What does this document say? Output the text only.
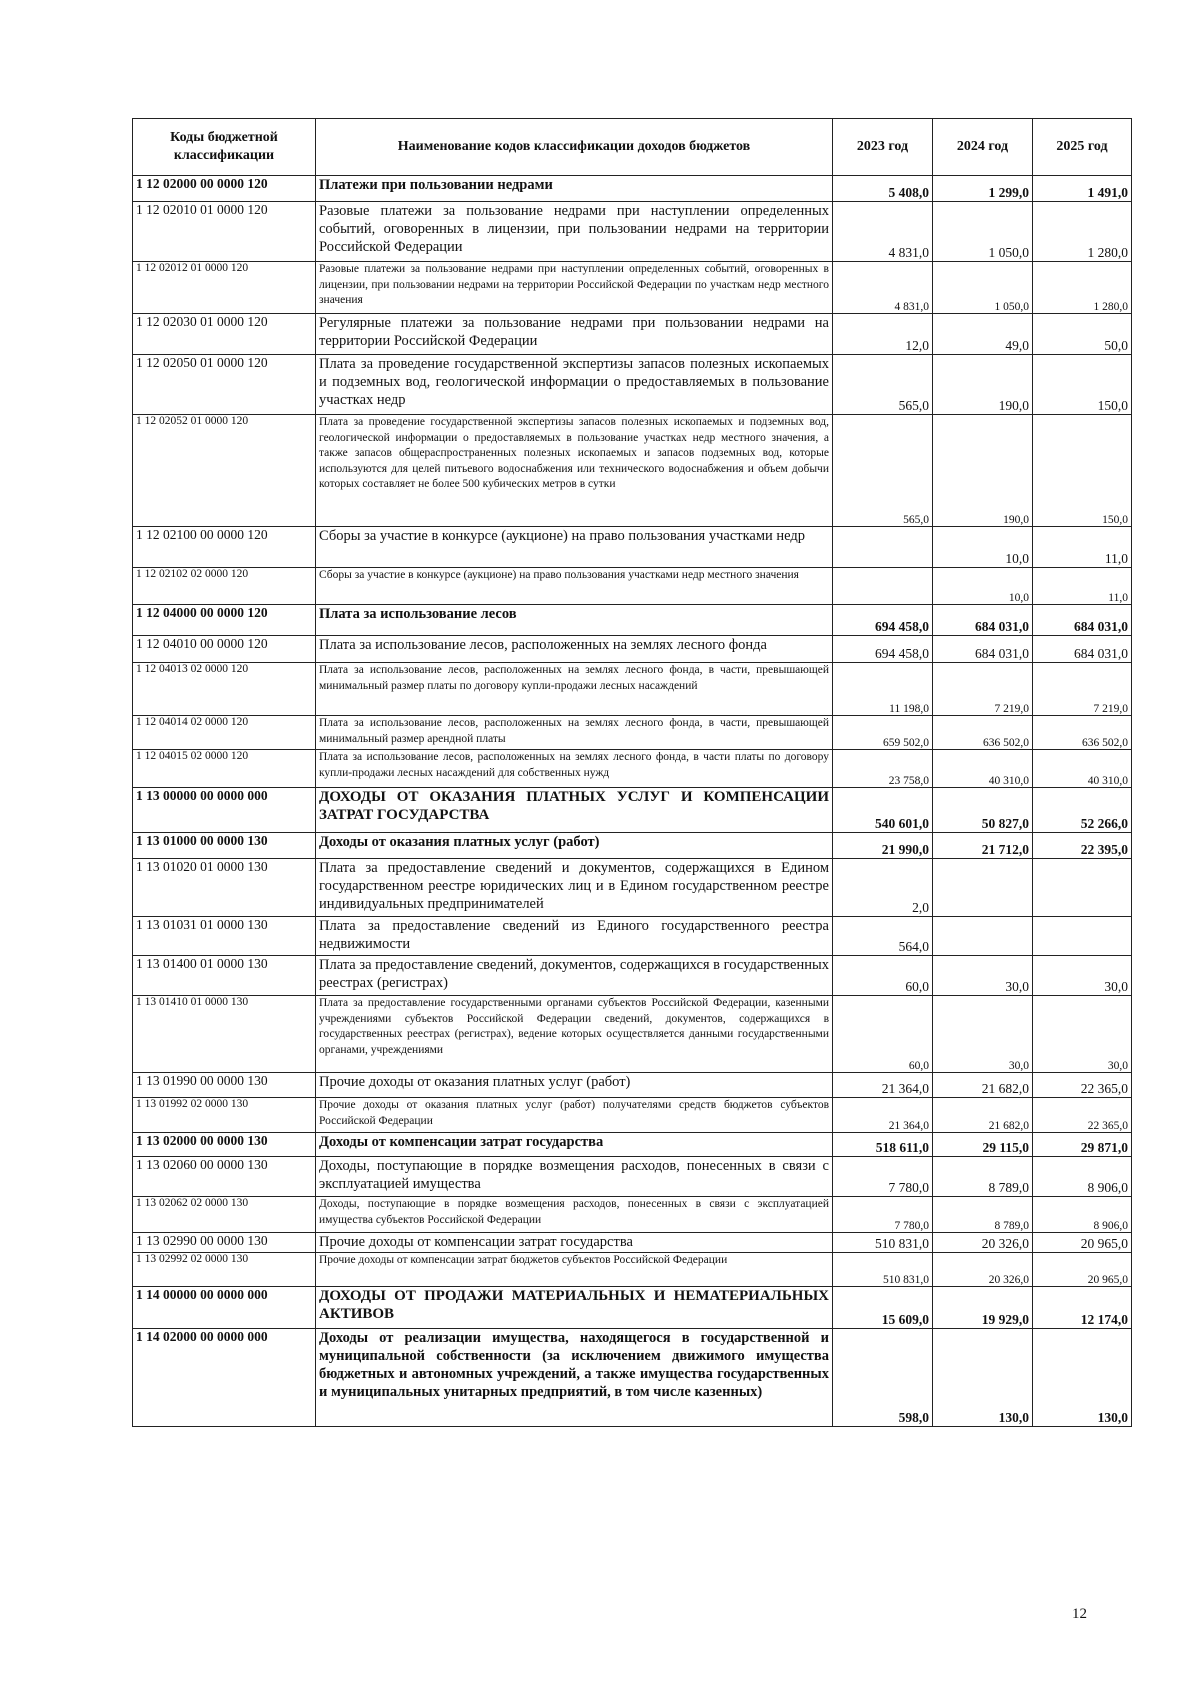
Коды бюджетной классификации	Наименование кодов классификации доходов бюджетов	2023 год	2024 год	2025 год
1 12 02000 00 0000 120	Платежи при пользовании недрами	5 408,0	1 299,0	1 491,0
1 12 02010 01 0000 120	Разовые платежи за пользование недрами при наступлении определенных событий, оговоренных в лицензии, при пользовании недрами на территории Российской Федерации	4 831,0	1 050,0	1 280,0
1 12 02012 01 0000 120	Разовые платежи за пользование недрами при наступлении определенных событий, оговоренных в лицензии, при пользовании недрами на территории Российской Федерации по участкам недр местного значения	4 831,0	1 050,0	1 280,0
1 12 02030 01 0000 120	Регулярные платежи за пользование недрами при пользовании недрами на территории Российской Федерации	12,0	49,0	50,0
1 12 02050 01 0000 120	Плата за проведение государственной экспертизы запасов полезных ископаемых и подземных вод, геологической информации о предоставляемых в пользование участках недр	565,0	190,0	150,0
1 12 02052 01 0000 120	Плата за проведение государственной экспертизы запасов полезных ископаемых и подземных вод, геологической информации о предоставляемых в пользование участках недр местного значения, а также запасов общераспространенных полезных ископаемых и запасов подземных вод, которые используются для целей питьевого водоснабжения или технического водоснабжения и объем добычи которых составляет не более 500 кубических метров в сутки	565,0	190,0	150,0
1 12 02100 00 0000 120	Сборы за участие в конкурсе (аукционе) на право пользования участками недр		10,0	11,0
1 12 02102 02 0000 120	Сборы за участие в конкурсе (аукционе) на право пользования участками недр местного значения		10,0	11,0
1 12 04000 00 0000 120	Плата за использование лесов	694 458,0	684 031,0	684 031,0
1 12 04010 00 0000 120	Плата за использование лесов, расположенных на землях лесного фонда	694 458,0	684 031,0	684 031,0
1 12 04013 02 0000 120	Плата за использование лесов, расположенных на землях лесного фонда, в части, превышающей минимальный размер платы по договору купли-продажи лесных насаждений	11 198,0	7 219,0	7 219,0
1 12 04014 02 0000 120	Плата за использование лесов, расположенных на землях лесного фонда, в части, превышающей минимальный размер арендной платы	659 502,0	636 502,0	636 502,0
1 12 04015 02 0000 120	Плата за использование лесов, расположенных на землях лесного фонда, в части платы по договору купли-продажи лесных насаждений для собственных нужд	23 758,0	40 310,0	40 310,0
1 13 00000 00 0000 000	ДОХОДЫ ОТ ОКАЗАНИЯ ПЛАТНЫХ УСЛУГ И КОМПЕНСАЦИИ ЗАТРАТ ГОСУДАРСТВА	540 601,0	50 827,0	52 266,0
1 13 01000 00 0000 130	Доходы от оказания платных услуг (работ)	21 990,0	21 712,0	22 395,0
1 13 01020 01 0000 130	Плата за предоставление сведений и документов, содержащихся в Едином государственном реестре юридических лиц и в Едином государственном реестре индивидуальных предпринимателей	2,0		
1 13 01031 01 0000 130	Плата за предоставление сведений из Единого государственного реестра недвижимости	564,0		
1 13 01400 01 0000 130	Плата за предоставление сведений, документов, содержащихся в государственных реестрах (регистрах)	60,0	30,0	30,0
1 13 01410 01 0000 130	Плата за предоставление государственными органами субъектов Российской Федерации, казенными учреждениями субъектов Российской Федерации сведений, документов, содержащихся в государственных реестрах (регистрах), ведение которых осуществляется данными государственными органами, учреждениями	60,0	30,0	30,0
1 13 01990 00 0000 130	Прочие доходы от оказания платных услуг (работ)	21 364,0	21 682,0	22 365,0
1 13 01992 02 0000 130	Прочие доходы от оказания платных услуг (работ) получателями средств бюджетов субъектов Российской Федерации	21 364,0	21 682,0	22 365,0
1 13 02000 00 0000 130	Доходы от компенсации затрат государства	518 611,0	29 115,0	29 871,0
1 13 02060 00 0000 130	Доходы, поступающие в порядке возмещения расходов, понесенных в связи с эксплуатацией имущества	7 780,0	8 789,0	8 906,0
1 13 02062 02 0000 130	Доходы, поступающие в порядке возмещения расходов, понесенных в связи с эксплуатацией имущества субъектов Российской Федерации	7 780,0	8 789,0	8 906,0
1 13 02990 00 0000 130	Прочие доходы от компенсации затрат государства	510 831,0	20 326,0	20 965,0
1 13 02992 02 0000 130	Прочие доходы от компенсации затрат бюджетов субъектов Российской Федерации	510 831,0	20 326,0	20 965,0
1 14 00000 00 0000 000	ДОХОДЫ ОТ ПРОДАЖИ МАТЕРИАЛЬНЫХ И НЕМАТЕРИАЛЬНЫХ АКТИВОВ	15 609,0	19 929,0	12 174,0
1 14 02000 00 0000 000	Доходы от реализации имущества, находящегося в государственной и муниципальной собственности (за исключением движимого имущества бюджетных и автономных учреждений, а также имущества государственных и муниципальных унитарных предприятий, в том числе казенных)	598,0	130,0	130,0
12
